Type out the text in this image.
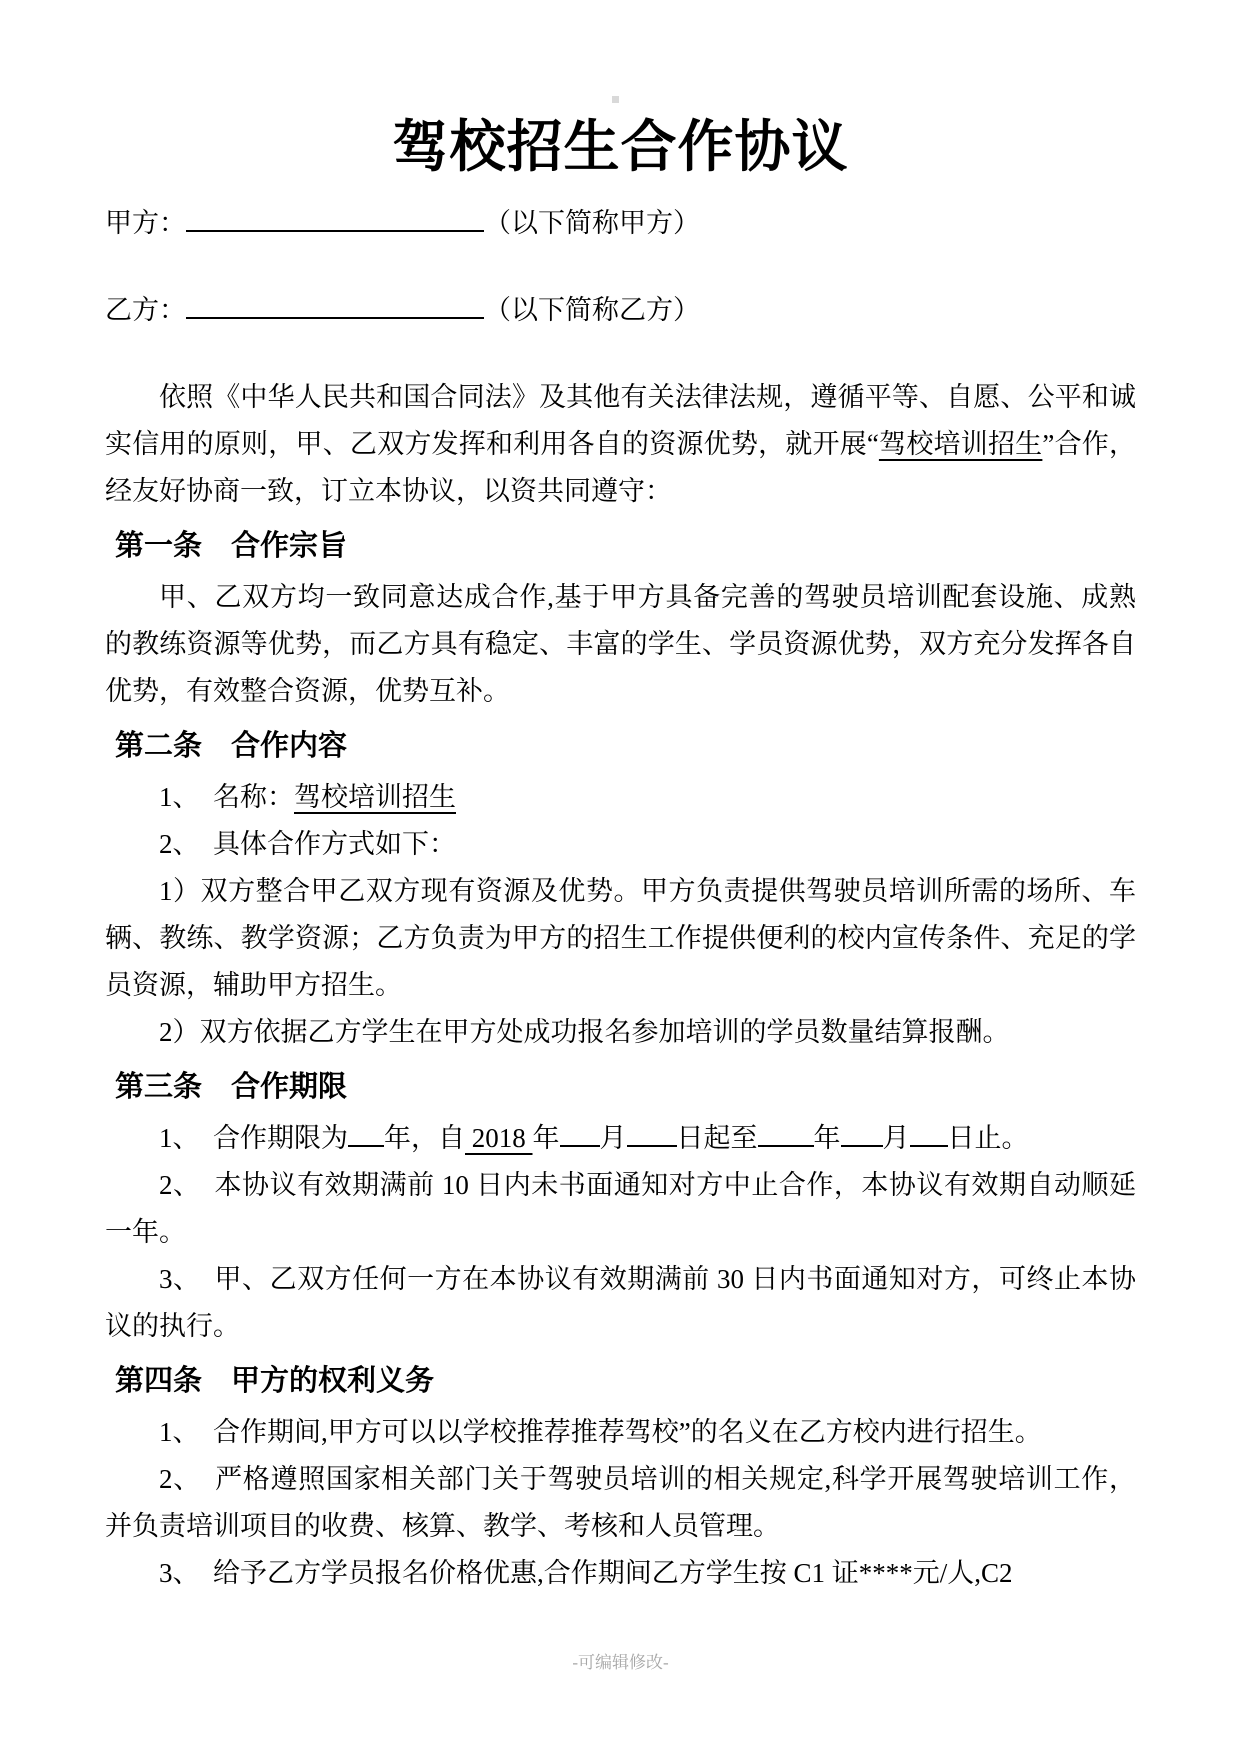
驾校招生合作协议
甲方：	（以下简称甲方）
乙方：	（以下简称乙方）
依照《中华人民共和国合同法》及其他有关法律法规，遵循平等、自愿、公平和诚实信用的原则，甲、乙双方发挥和利用各自的资源优势，就开展“驾校培训招生”合作，经友好协商一致，订立本协议，以资共同遵守：
第一条　合作宗旨
甲、乙双方均一致同意达成合作,基于甲方具备完善的驾驶员培训配套设施、成熟的教练资源等优势，而乙方具有稳定、丰富的学生、学员资源优势，双方充分发挥各自优势，有效整合资源，优势互补。
第二条　合作内容
1、　名称：驾校培训招生
2、　具体合作方式如下：
1）双方整合甲乙双方现有资源及优势。甲方负责提供驾驶员培训所需的场所、车辆、教练、教学资源；乙方负责为甲方的招生工作提供便利的校内宣传条件、充足的学员资源，辅助甲方招生。
2）双方依据乙方学生在甲方处成功报名参加培训的学员数量结算报酬。
第三条　合作期限
1、　合作期限为 年，自 2018 年 月 日起至 年 月 日止。
2、　本协议有效期满前 10 日内未书面通知对方中止合作，本协议有效期自动顺延一年。
3、　甲、乙双方任何一方在本协议有效期满前 30 日内书面通知对方，可终止本协议的执行。
第四条　甲方的权利义务
1、　合作期间,甲方可以以学校推荐推荐驾校”的名义在乙方校内进行招生。
2、　严格遵照国家相关部门关于驾驶员培训的相关规定,科学开展驾驶培训工作，并负责培训项目的收费、核算、教学、考核和人员管理。
3、　给予乙方学员报名价格优惠,合作期间乙方学生按 C1 证****元/人,C2
-可编辑修改-
